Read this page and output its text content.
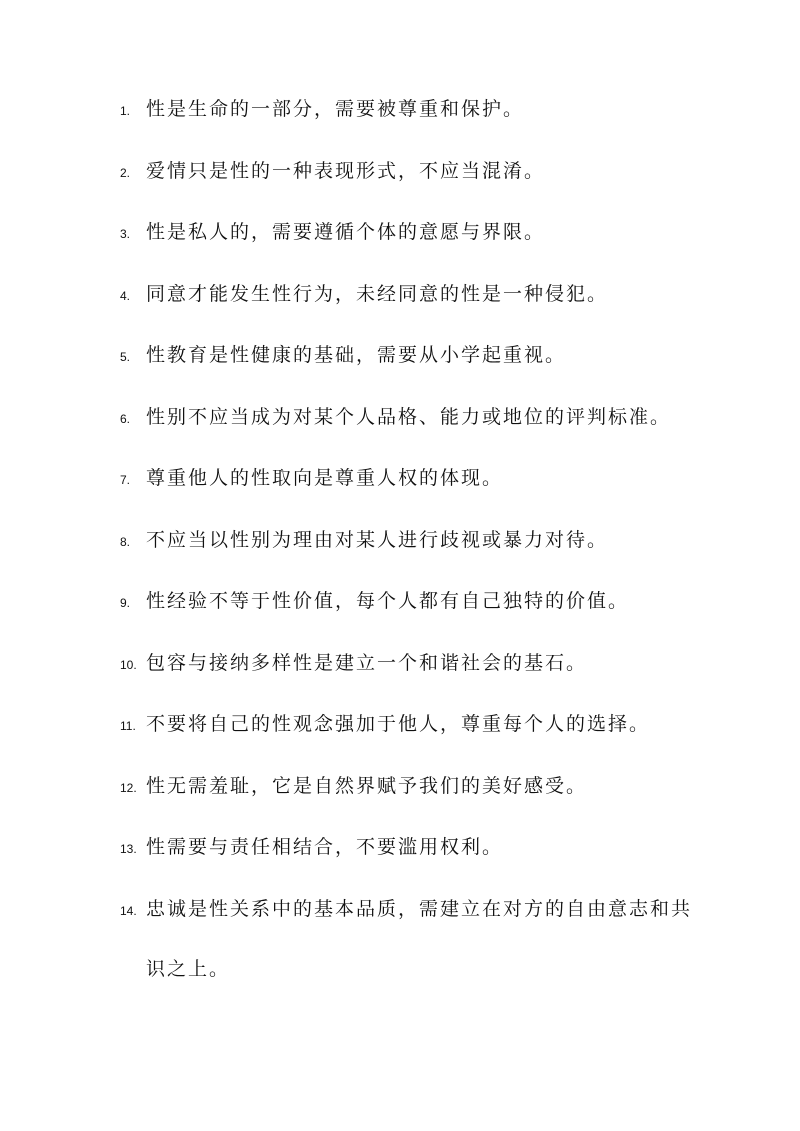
1. 性是生命的一部分，需要被尊重和保护。
2. 爱情只是性的一种表现形式，不应当混淆。
3. 性是私人的，需要遵循个体的意愿与界限。
4. 同意才能发生性行为，未经同意的性是一种侵犯。
5. 性教育是性健康的基础，需要从小学起重视。
6. 性别不应当成为对某个人品格、能力或地位的评判标准。
7. 尊重他人的性取向是尊重人权的体现。
8. 不应当以性别为理由对某人进行歧视或暴力对待。
9. 性经验不等于性价值，每个人都有自己独特的价值。
10. 包容与接纳多样性是建立一个和谐社会的基石。
11. 不要将自己的性观念强加于他人，尊重每个人的选择。
12. 性无需羞耻，它是自然界赋予我们的美好感受。
13. 性需要与责任相结合，不要滥用权利。
14. 忠诚是性关系中的基本品质，需建立在对方的自由意志和共
识之上。
